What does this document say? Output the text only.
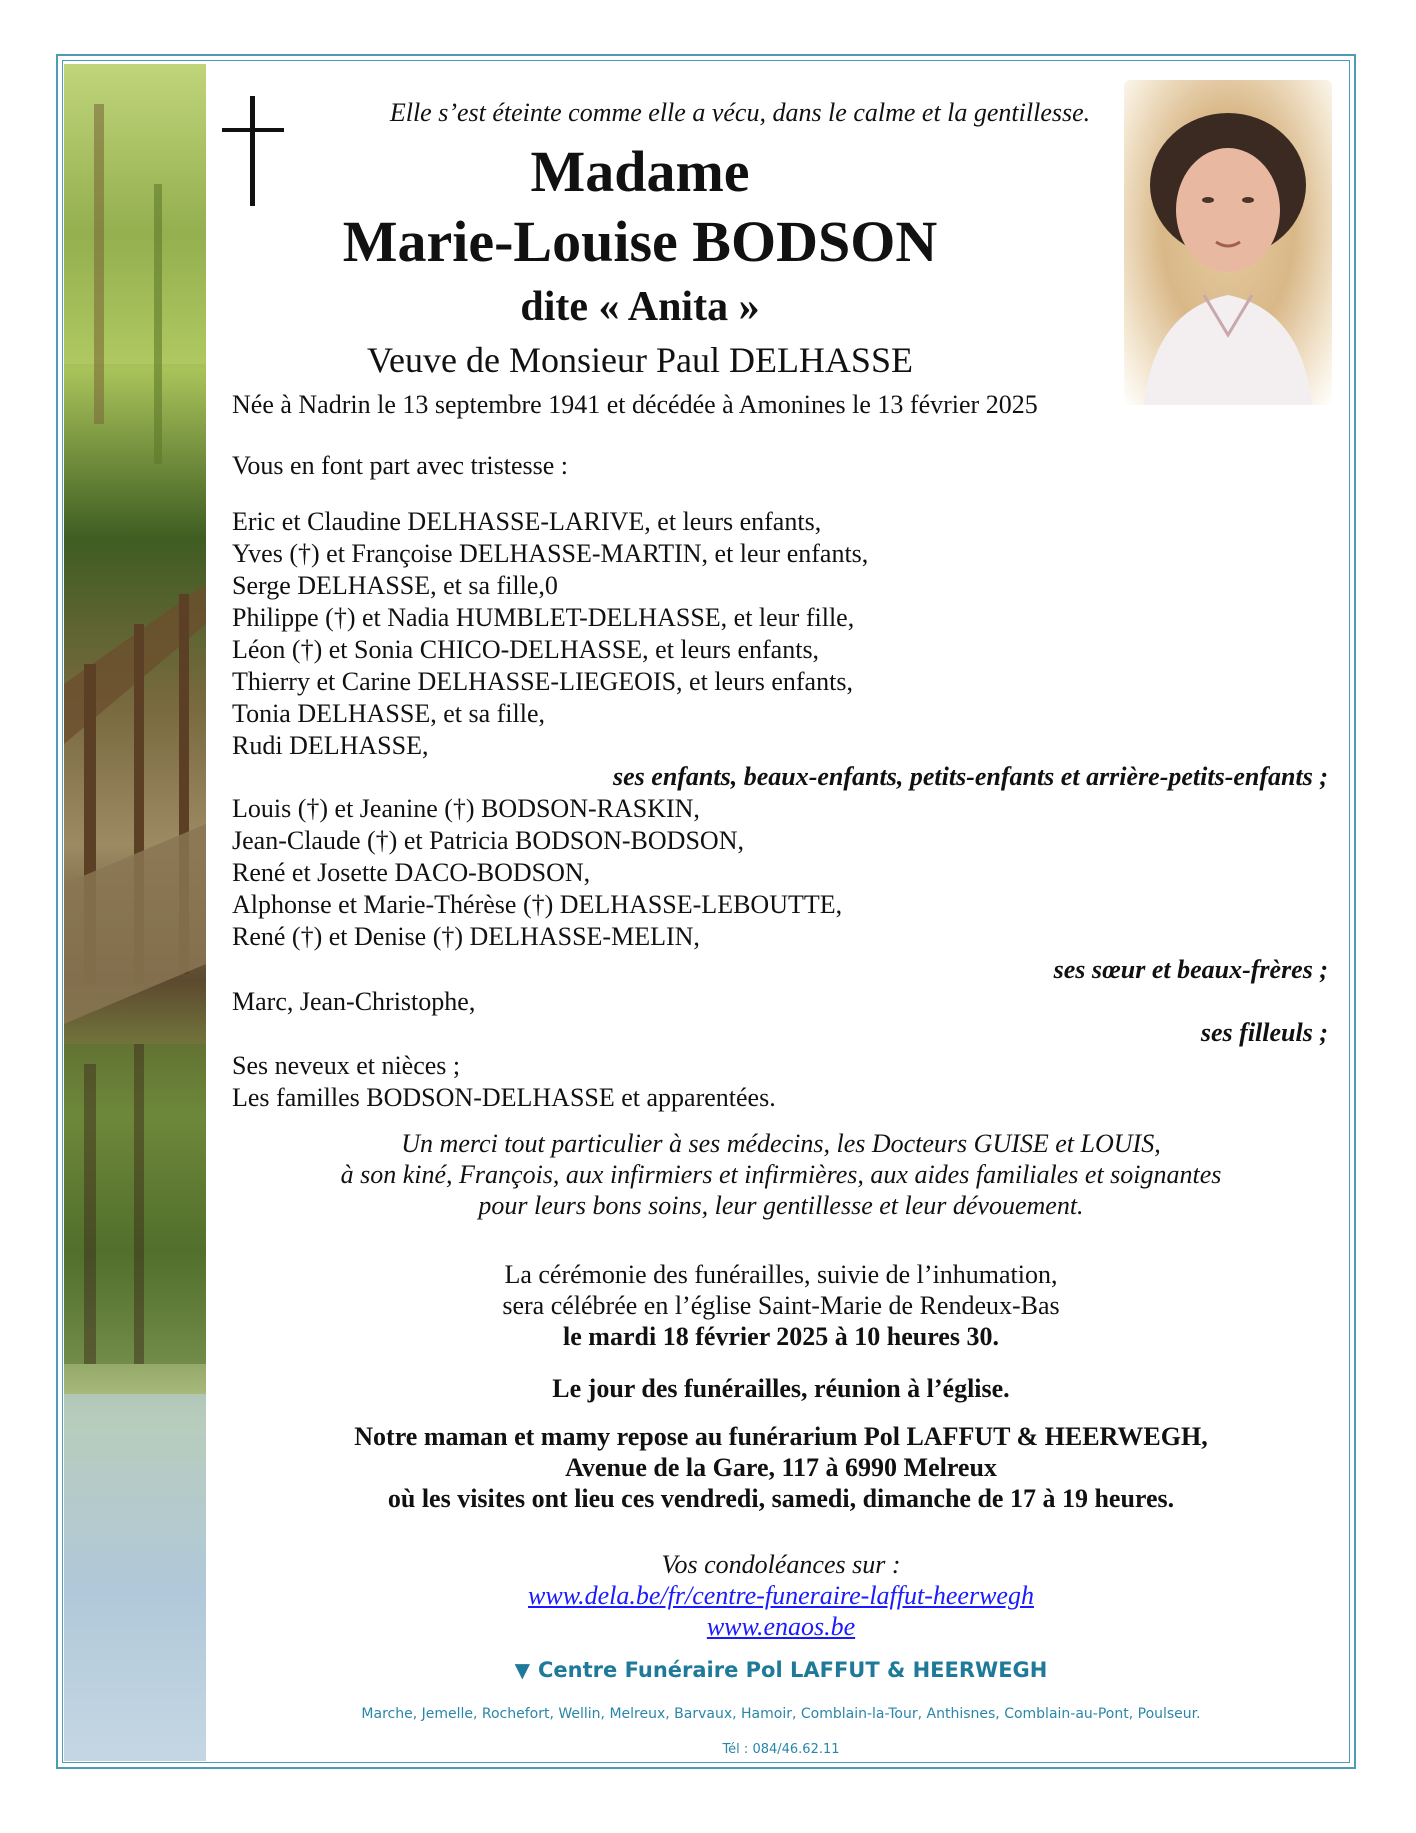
Elle s’est éteinte comme elle a vécu, dans le calme et la gentillesse.
Madame
Marie-Louise BODSON
dite « Anita »
Veuve de Monsieur Paul DELHASSE
Née à Nadrin le 13 septembre 1941 et décédée à Amonines le 13 février 2025
Vous en font part avec tristesse :
Eric et Claudine DELHASSE-LARIVE, et leurs enfants,
Yves (†) et Françoise DELHASSE-MARTIN, et leur enfants,
Serge DELHASSE, et sa fille,0
Philippe (†) et Nadia HUMBLET-DELHASSE, et leur fille,
Léon (†) et Sonia CHICO-DELHASSE, et leurs enfants,
Thierry et Carine DELHASSE-LIEGEOIS, et leurs enfants,
Tonia DELHASSE, et sa fille,
Rudi DELHASSE,
ses enfants, beaux-enfants, petits-enfants et arrière-petits-enfants ;
Louis (†) et Jeanine (†) BODSON-RASKIN,
Jean-Claude (†) et Patricia BODSON-BODSON,
René et Josette DACO-BODSON,
Alphonse et Marie-Thérèse (†) DELHASSE-LEBOUTTE,
René (†) et Denise (†) DELHASSE-MELIN,
ses sœur et beaux-frères ;
Marc, Jean-Christophe,
ses filleuls ;
Ses neveux et nièces ;
Les familles BODSON-DELHASSE et apparentées.
Un merci tout particulier à ses médecins, les Docteurs GUISE et LOUIS,
à son kiné, François, aux infirmiers et infirmières, aux aides familiales et soignantes
pour leurs bons soins, leur gentillesse et leur dévouement.
La cérémonie des funérailles, suivie de l’inhumation,
sera célébrée en l’église Saint-Marie de Rendeux-Bas
le mardi 18 février 2025 à 10 heures 30.
Le jour des funérailles, réunion à l’église.
Notre maman et mamy repose au funérarium Pol LAFFUT & HEERWEGH,
Avenue de la Gare, 117 à 6990 Melreux
où les visites ont lieu ces vendredi, samedi, dimanche de 17 à 19 heures.
Vos condoléances sur :
www.dela.be/fr/centre-funeraire-laffut-heerwegh
www.enaos.be
▼ Centre Funéraire Pol LAFFUT & HEERWEGH
Marche, Jemelle, Rochefort, Wellin, Melreux, Barvaux, Hamoir, Comblain-la-Tour, Anthisnes, Comblain-au-Pont, Poulseur.
Tél : 084/46.62.11
